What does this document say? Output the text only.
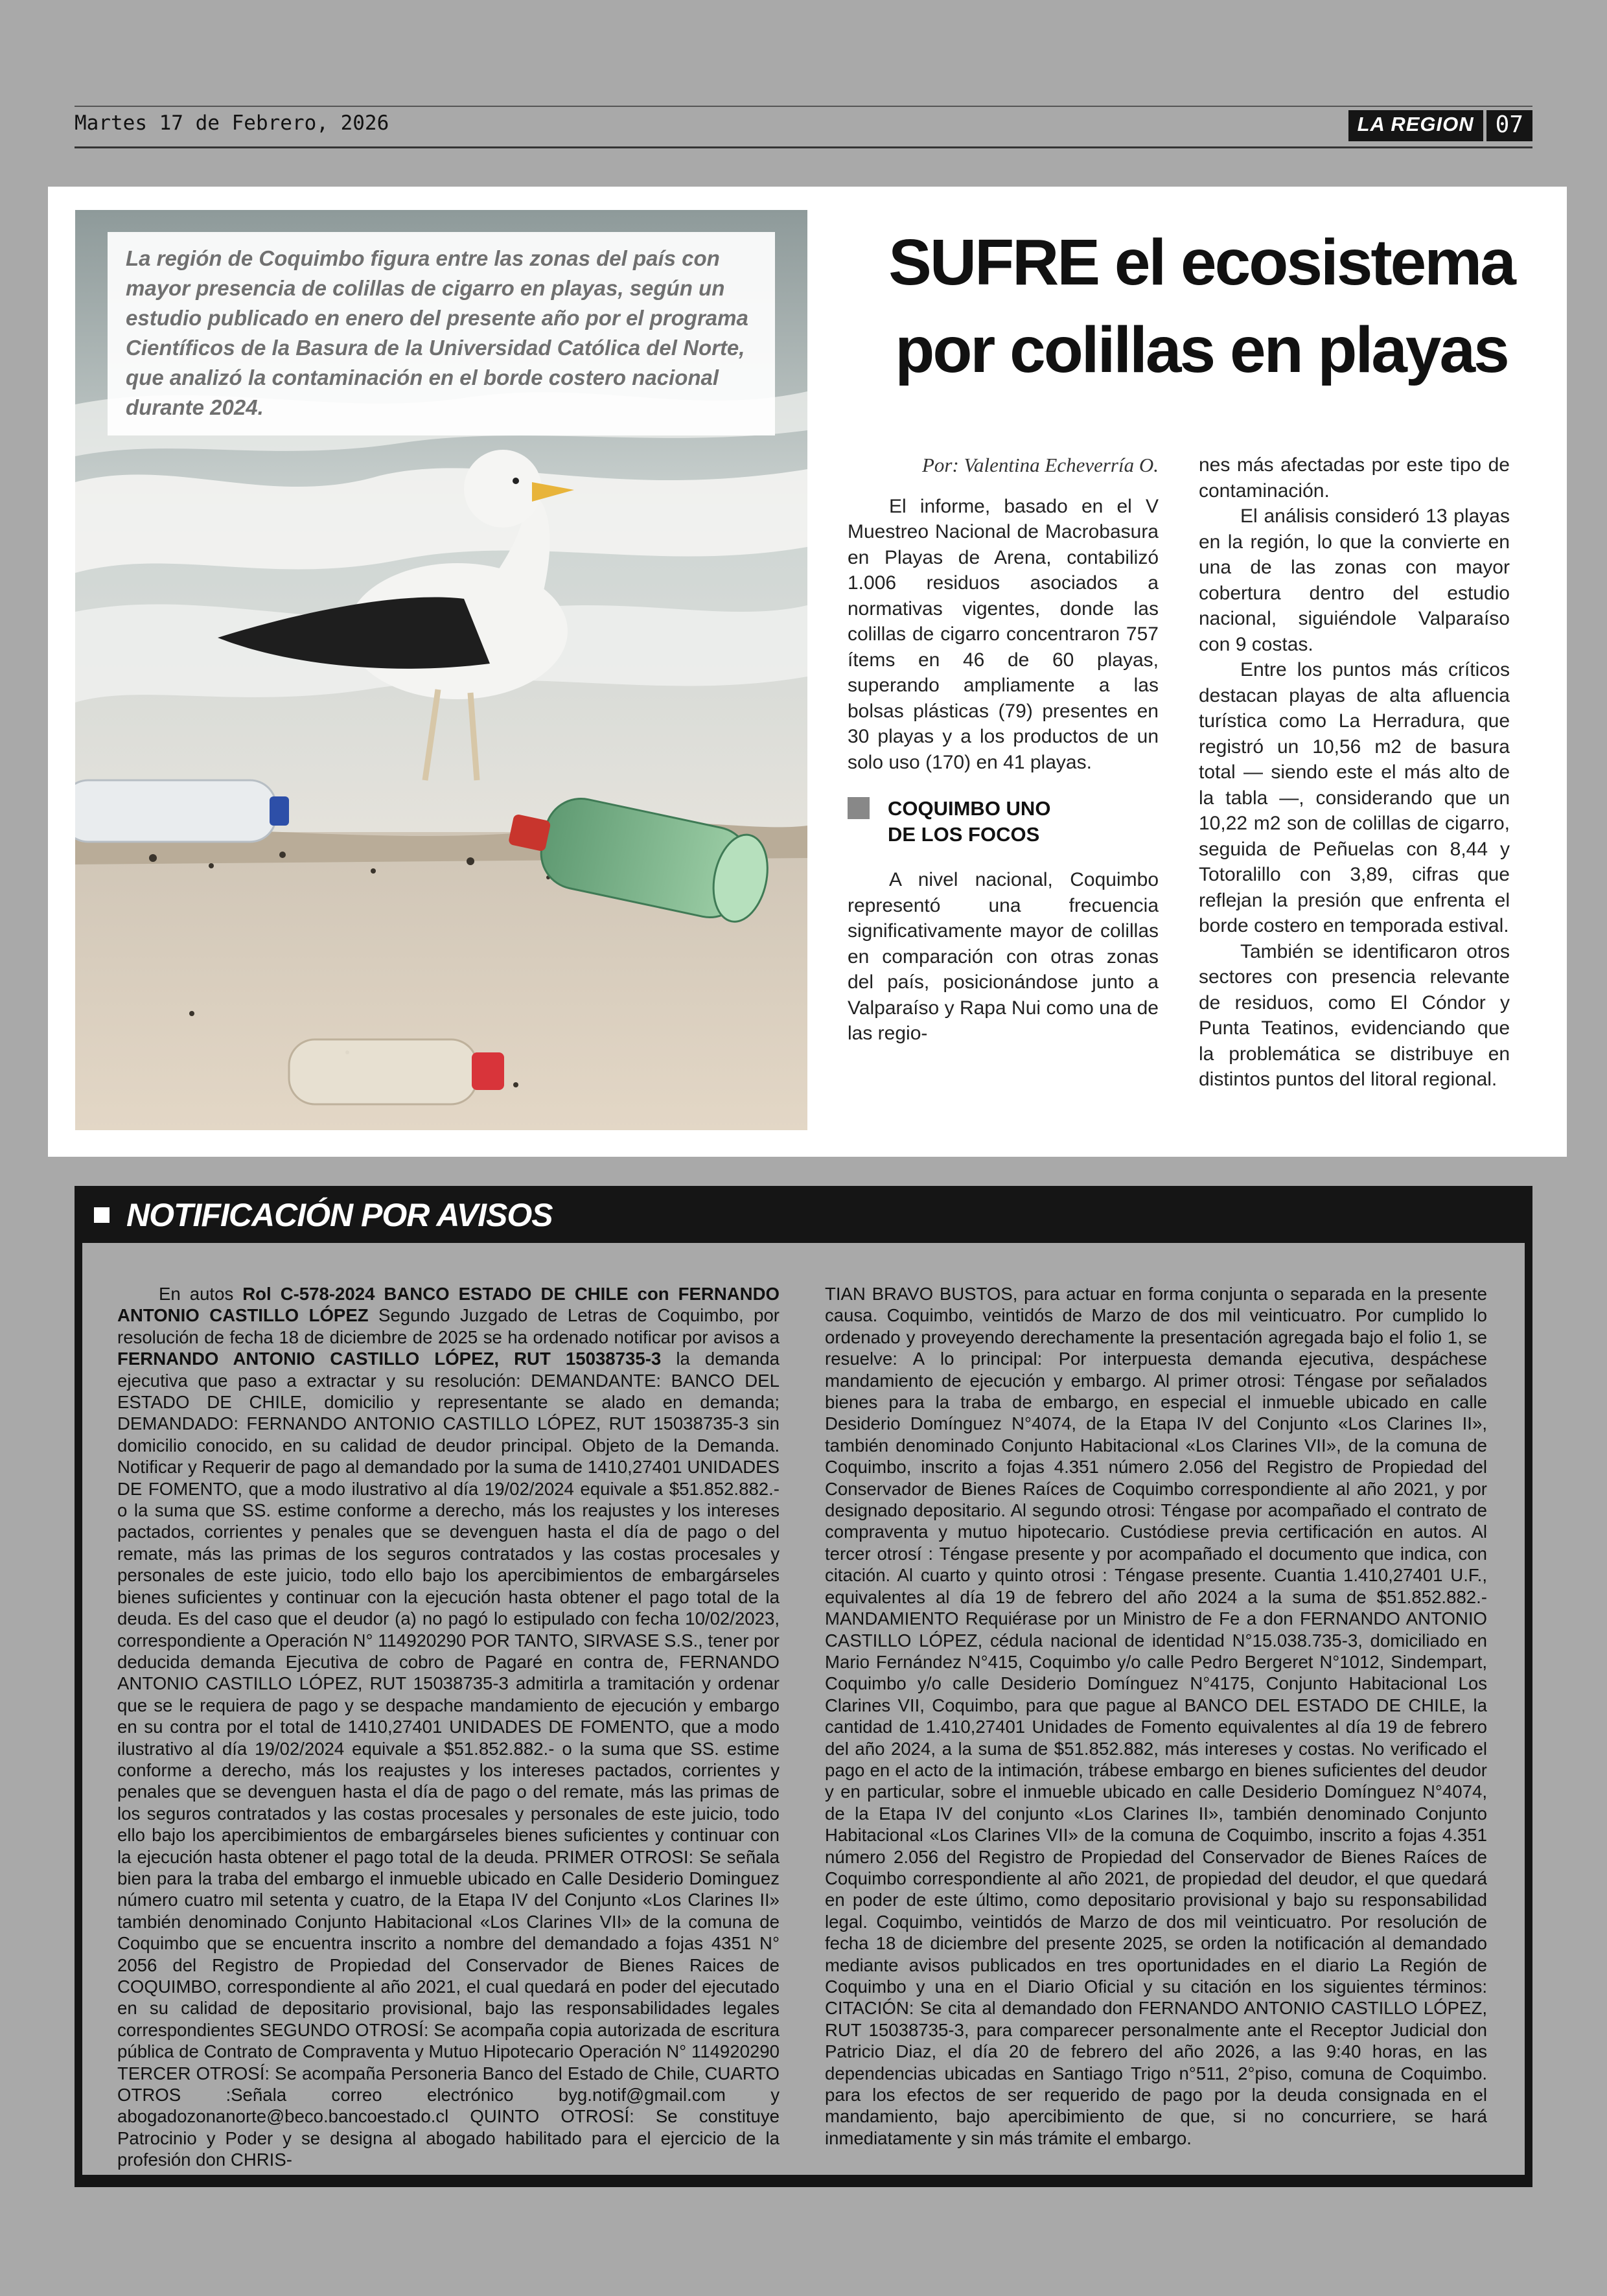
Martes 17 de Febrero, 2026	LA REGION 07

La región de Coquimbo figura entre las zonas del país con mayor presencia de colillas de cigarro en playas, según un estudio publicado en enero del presente año por el programa Científicos de la Basura de la Universidad Católica del Norte, que analizó la contaminación en el borde costero nacional durante 2024.

SUFRE el ecosistema
por colillas en playas
Por: Valentina Echeverría O.

El informe, basado en el V Muestreo Nacional de Macrobasura en Playas de Arena, contabilizó 1.006 residuos asociados a normativas vigentes, donde las colillas de cigarro concentraron 757 ítems en 46 de 60 playas, superando ampliamente a las bolsas plásticas (79) presentes en 30 playas y a los productos de un solo uso (170) en 41 playas.

COQUIMBO UNO
DE LOS FOCOS

A nivel nacional, Coquimbo representó una frecuencia significativamente mayor de colillas en comparación con otras zonas del país, posicionándose junto a Valparaíso y Rapa Nui como una de las regio-

nes más afectadas por este tipo de contaminación.

El análisis consideró 13 playas en la región, lo que la convierte en una de las zonas con mayor cobertura dentro del estudio nacional, siguiéndole Valparaíso con 9 costas.

Entre los puntos más críticos destacan playas de alta afluencia turística como La Herradura, que registró un 10,56 m2 de basura total — siendo este el más alto de la tabla —, considerando que un 10,22 m2 son de colillas de cigarro, seguida de Peñuelas con 8,44 y Totoralillo con 3,89, cifras que reflejan la presión que enfrenta el borde costero en temporada estival.

También se identificaron otros sectores con presencia relevante de residuos, como El Cóndor y Punta Teatinos, evidenciando que la problemática se distribuye en distintos puntos del litoral regional.

NOTIFICACIÓN POR AVISOS

En autos Rol C-578-2024 BANCO ESTADO DE CHILE con FERNANDO ANTONIO CASTILLO LÓPEZ Segundo Juzgado de Letras de Coquimbo, por resolución de fecha 18 de diciembre de 2025 se ha ordenado notificar por avisos a FERNANDO ANTONIO CASTILLO LÓPEZ, RUT 15038735-3 la demanda ejecutiva que paso a extractar y su resolución: DEMANDANTE: BANCO DEL ESTADO DE CHILE, domicilio y representante se alado en demanda; DEMANDADO: FERNANDO ANTONIO CASTILLO LÓPEZ, RUT 15038735-3 sin domicilio conocido, en su calidad de deudor principal. Objeto de la Demanda. Notificar y Requerir de pago al demandado por la suma de 1410,27401 UNIDADES DE FOMENTO, que a modo ilustrativo al día 19/02/2024 equivale a $51.852.882.- o la suma que SS. estime conforme a derecho, más los reajustes y los intereses pactados, corrientes y penales que se devenguen hasta el día de pago o del remate, más las primas de los seguros contratados y las costas procesales y personales de este juicio, todo ello bajo los apercibimientos de embargárseles bienes suficientes y continuar con la ejecución hasta obtener el pago total de la deuda. Es del caso que el deudor (a) no pagó lo estipulado con fecha 10/02/2023, correspondiente a Operación N° 114920290 POR TANTO, SIRVASE S.S., tener por deducida demanda Ejecutiva de cobro de Pagaré en contra de, FERNANDO ANTONIO CASTILLO LÓPEZ, RUT 15038735-3 admitirla a tramitación y ordenar que se le requiera de pago y se despache mandamiento de ejecución y embargo en su contra por el total de 1410,27401 UNIDADES DE FOMENTO, que a modo ilustrativo al día 19/02/2024 equivale a $51.852.882.- o la suma que SS. estime conforme a derecho, más los reajustes y los intereses pactados, corrientes y penales que se devenguen hasta el día de pago o del remate, más las primas de los seguros contratados y las costas procesales y personales de este juicio, todo ello bajo los apercibimientos de embargárseles bienes suficientes y continuar con la ejecución hasta obtener el pago total de la deuda. PRIMER OTROSI: Se señala bien para la traba del embargo el inmueble ubicado en Calle Desiderio Dominguez número cuatro mil setenta y cuatro, de la Etapa IV del Conjunto «Los Clarines II» también denominado Conjunto Habitacional «Los Clarines VII» de la comuna de Coquimbo que se encuentra inscrito a nombre del demandado a fojas 4351 N° 2056 del Registro de Propiedad del Conservador de Bienes Raices de COQUIMBO, correspondiente al año 2021, el cual quedará en poder del ejecutado en su calidad de depositario provisional, bajo las responsabilidades legales correspondientes SEGUNDO OTROSÍ: Se acompaña copia autorizada de escritura pública de Contrato de Compraventa y Mutuo Hipotecario Operación N° 114920290 TERCER OTROSÍ: Se acompaña Personeria Banco del Estado de Chile, CUARTO OTROS :Señala correo electrónico byg.notif@gmail.com y abogadozonanorte@beco.bancoestado.cl QUINTO OTROSÍ: Se constituye Patrocinio y Poder y se designa al abogado habilitado para el ejercicio de la profesión don CHRIS-

TIAN BRAVO BUSTOS, para actuar en forma conjunta o separada en la presente causa. Coquimbo, veintidós de Marzo de dos mil veinticuatro. Por cumplido lo ordenado y proveyendo derechamente la presentación agregada bajo el folio 1, se resuelve: A lo principal: Por interpuesta demanda ejecutiva, despáchese mandamiento de ejecución y embargo. Al primer otrosi: Téngase por señalados bienes para la traba de embargo, en especial el inmueble ubicado en calle Desiderio Domínguez N°4074, de la Etapa IV del Conjunto «Los Clarines II», también denominado Conjunto Habitacional «Los Clarines VII», de la comuna de Coquimbo, inscrito a fojas 4.351 número 2.056 del Registro de Propiedad del Conservador de Bienes Raíces de Coquimbo correspondiente al año 2021, y por designado depositario. Al segundo otrosi: Téngase por acompañado el contrato de compraventa y mutuo hipotecario. Custódiese previa certificación en autos. Al tercer otrosí : Téngase presente y por acompañado el documento que indica, con citación. Al cuarto y quinto otrosi : Téngase presente. Cuantia 1.410,27401 U.F., equivalentes al día 19 de febrero del año 2024 a la suma de $51.852.882.- MANDAMIENTO Requiérase por un Ministro de Fe a don FERNANDO ANTONIO CASTILLO LÓPEZ, cédula nacional de identidad N°15.038.735-3, domiciliado en Mario Fernández N°415, Coquimbo y/o calle Pedro Bergeret N°1012, Sindempart, Coquimbo y/o calle Desiderio Domínguez N°4175, Conjunto Habitacional Los Clarines VII, Coquimbo, para que pague al BANCO DEL ESTADO DE CHILE, la cantidad de 1.410,27401 Unidades de Fomento equivalentes al día 19 de febrero del año 2024, a la suma de $51.852.882, más intereses y costas. No verificado el pago en el acto de la intimación, trábese embargo en bienes suficientes del deudor y en particular, sobre el inmueble ubicado en calle Desiderio Domínguez N°4074, de la Etapa IV del conjunto «Los Clarines II», también denominado Conjunto Habitacional «Los Clarines VII» de la comuna de Coquimbo, inscrito a fojas 4.351 número 2.056 del Registro de Propiedad del Conservador de Bienes Raíces de Coquimbo correspondiente al año 2021, de propiedad del deudor, el que quedará en poder de este último, como depositario provisional y bajo su responsabilidad legal. Coquimbo, veintidós de Marzo de dos mil veinticuatro. Por resolución de fecha 18 de diciembre del presente 2025, se orden la notificación al demandado mediante avisos publicados en tres oportunidades en el diario La Región de Coquimbo y una en el Diario Oficial y su citación en los siguientes términos: CITACIÓN: Se cita al demandado don FERNANDO ANTONIO CASTILLO LÓPEZ, RUT 15038735-3, para comparecer personalmente ante el Receptor Judicial don Patricio Diaz, el día 20 de febrero del año 2026, a las 9:40 horas, en las dependencias ubicadas en Santiago Trigo n°511, 2°piso, comuna de Coquimbo. para los efectos de ser requerido de pago por la deuda consignada en el mandamiento, bajo apercibimiento de que, si no concurriere, se hará inmediatamente y sin más trámite el embargo.
